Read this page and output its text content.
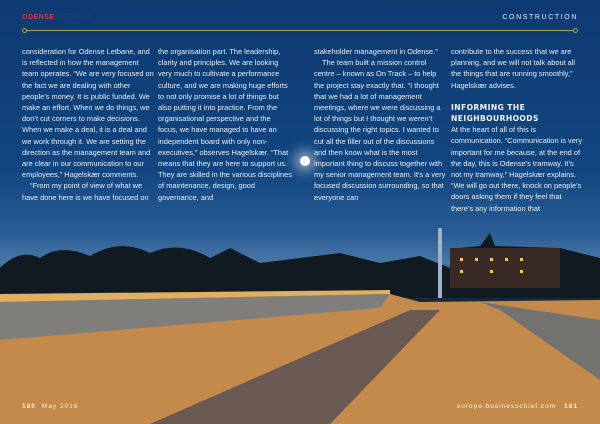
ODENSE LETBANE	CONSTRUCTION

consideration for Odense Letbane, and is reflected in how the management team operates. “We are very focused on the fact we are dealing with other people’s money. It is public funded. We make an effort. When we do things, we don’t cut corners to make decisions. When we make a deal, it is a deal and we work through it. We are setting the direction as the management team and are clear in our communication to our employees,” Hagelskær comments.

“From my point of view of what we have done here is we have focused on

the organisation part. The leadership, clarity and principles. We are looking very much to cultivate a performance culture, and we are making huge efforts to not only promise a lot of things but also putting it into practice. From the organisational perspective and the focus, we have managed to have an independent board with only non-executives,” observes Hagelskær. “That means that they are here to support us. They are skilled in the various disciplines of maintenance, design, good governance, and

stakeholder management in Odense.”

The team built a mission control centre – known as On Track – to help the project stay exactly that. “I thought that we had a lot of management meetings, where we were discussing a lot of things but I thought we weren’t discussing the right topics. I wanted to cut all the filler out of the discussions and then know what is the most important thing to discuss together with my senior management team. It’s a very focused discussion surrounding, so that everyone can

contribute to the success that we are planning, and we will not talk about all the things that are running smoothly,” Hagelskær advises.

INFORMING THE NEIGHBOURHOODS

At the heart of all of this is communication. “Communication is very important for me because, at the end of the day, this is Odense’s tramway. It’s not my tramway,” Hagelskær explains. “We will go out there, knock on people’s doors asking them if they feel that there’s any information that

180 May 2016	europe.businesschief.com 181
